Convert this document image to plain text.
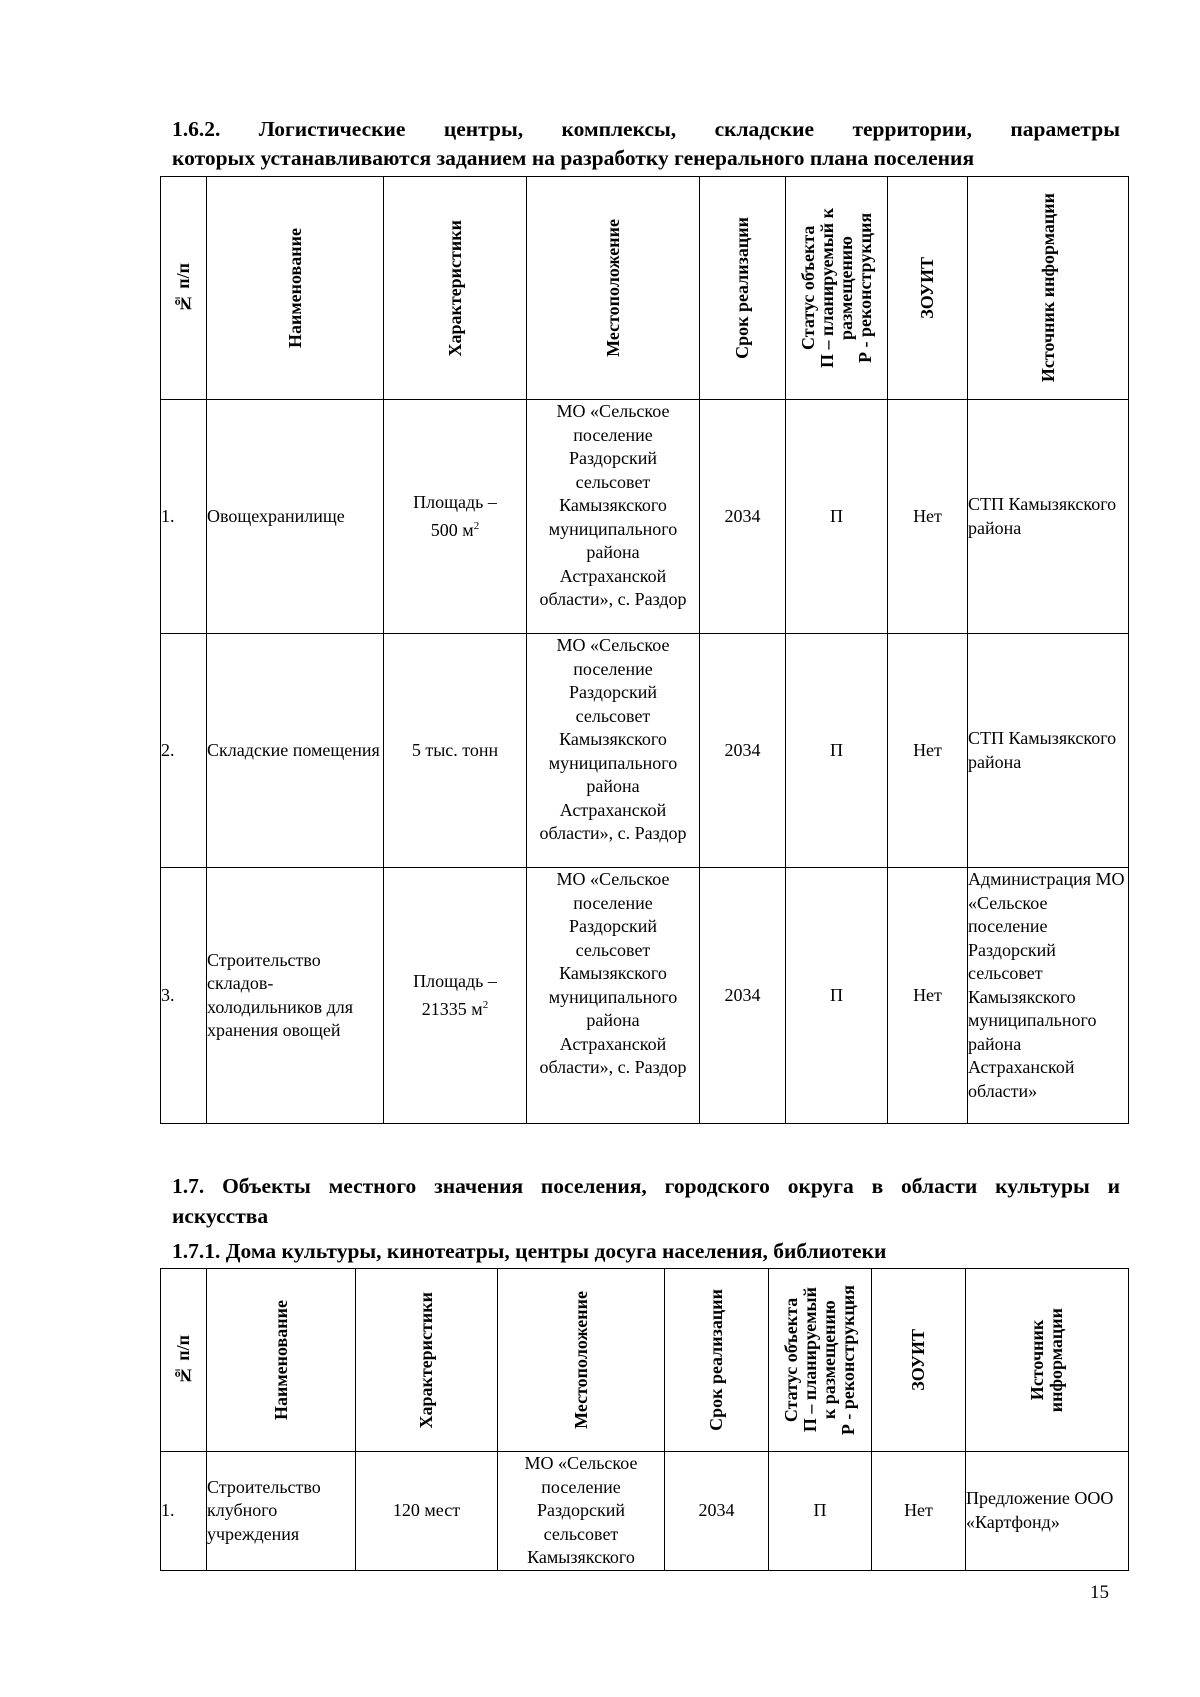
1.6.2. Логистические центры, комплексы, складские территории, параметры
которых устанавливаются заданием на разработку генерального плана поселения
№ п/п	Наименование	Характеристики	Местоположение	Срок реализации	Статус объекта
П – планируемый к
размещению
Р - реконструкция	ЗОУИТ	Источник информации

1.	Овощехранилище	Площадь –
500 $м^2$	МО «Сельское поселение Раздорский сельсовет Камызякского муниципального района Астраханской области», с. Раздор	2034	П	Нет	СТП Камызякского района
2.	Складские помещения	5 тыс. тонн	МО «Сельское поселение Раздорский сельсовет Камызякского муниципального района Астраханской области», с. Раздор	2034	П	Нет	СТП Камызякского района
3.	Строительство складов-холодильников для хранения овощей	Площадь –
21335 $м^2$	МО «Сельское поселение Раздорский сельсовет Камызякского муниципального района Астраханской области», с. Раздор	2034	П	Нет	Администрация МО «Сельское поселение Раздорский сельсовет Камызякского муниципального района Астраханской области»
1.7. Объекты местного значения поселения, городского округа в области культуры и
искусства
1.7.1. Дома культуры, кинотеатры, центры досуга населения, библиотеки
№ п/п	Наименование	Характеристики	Местоположение	Срок реализации	Статус объекта
П – планируемый
к размещению
Р - реконструкция	ЗОУИТ	Источник
информации

1.	Строительство клубного учреждения	120 мест	МО «Сельское поселение Раздорский сельсовет Камызякского	2034	П	Нет	Предложение ООО «Картфонд»
15
